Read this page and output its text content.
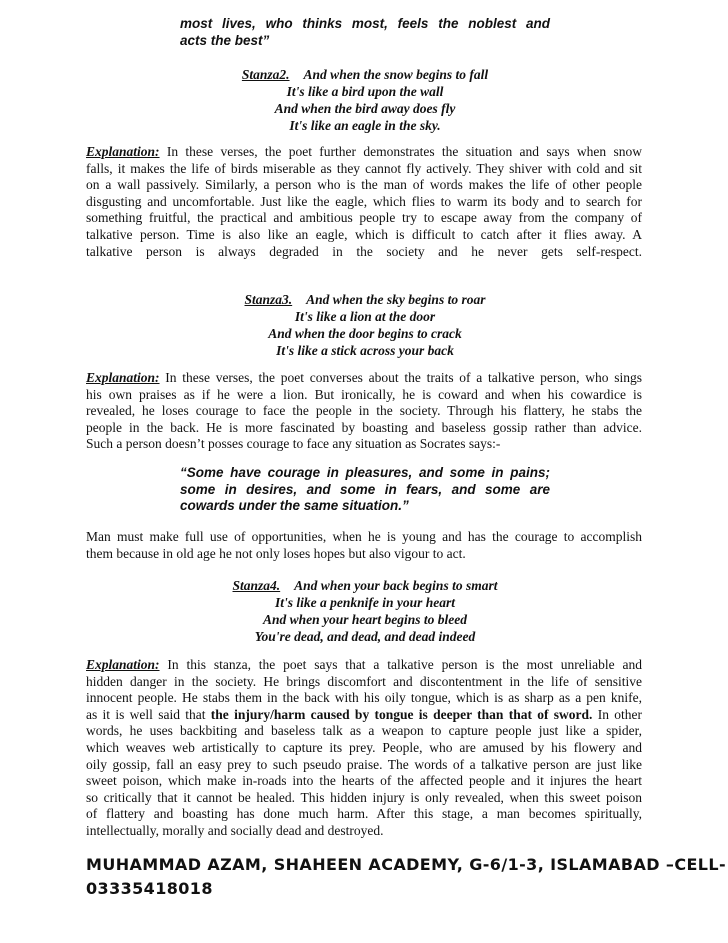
most lives, who thinks most, feels the noblest and
acts the best”
Stanza2. And when the snow begins to fall
It's like a bird upon the wall
And when the bird away does fly
It's like an eagle in the sky.
Explanation: In these verses, the poet further demonstrates the situation and says when snow
falls, it makes the life of birds miserable as they cannot fly actively. They shiver with cold and sit
on a wall passively. Similarly, a person who is the man of words makes the life of other people
disgusting and uncomfortable. Just like the eagle, which flies to warm its body and to search for
something fruitful, the practical and ambitious people try to escape away from the company of
talkative person. Time is also like an eagle, which is difficult to catch after it flies away. A
talkative person is always degraded in the society and he never gets self-respect.
Stanza3. And when the sky begins to roar
It's like a lion at the door
And when the door begins to crack
It's like a stick across your back
Explanation: In these verses, the poet converses about the traits of a talkative person, who sings
his own praises as if he were a lion. But ironically, he is coward and when his cowardice is
revealed, he loses courage to face the people in the society. Through his flattery, he stabs the
people in the back. He is more fascinated by boasting and baseless gossip rather than advice.
Such a person doesn’t posses courage to face any situation as Socrates says:-
“Some have courage in pleasures, and some in pains;
some in desires, and some in fears, and some are
cowards under the same situation.”
Man must make full use of opportunities, when he is young and has the courage to accomplish
them because in old age he not only loses hopes but also vigour to act.
Stanza4. And when your back begins to smart
It's like a penknife in your heart
And when your heart begins to bleed
You're dead, and dead, and dead indeed
Explanation: In this stanza, the poet says that a talkative person is the most unreliable and
hidden danger in the society. He brings discomfort and discontentment in the life of sensitive
innocent people. He stabs them in the back with his oily tongue, which is as sharp as a pen knife,
as it is well said that the injury/harm caused by tongue is deeper than that of sword. In other
words, he uses backbiting and baseless talk as a weapon to capture people just like a spider,
which weaves web artistically to capture its prey. People, who are amused by his flowery and
oily gossip, fall an easy prey to such pseudo praise. The words of a talkative person are just like
sweet poison, which make in-roads into the hearts of the affected people and it injures the heart
so critically that it cannot be healed. This hidden injury is only revealed, when this sweet poison
of flattery and boasting has done much harm. After this stage, a man becomes spiritually,
intellectually, morally and socially dead and destroyed.
MUHAMMAD AZAM, SHAHEEN ACADEMY, G-6/1-3, ISLAMABAD –CELL-
03335418018
